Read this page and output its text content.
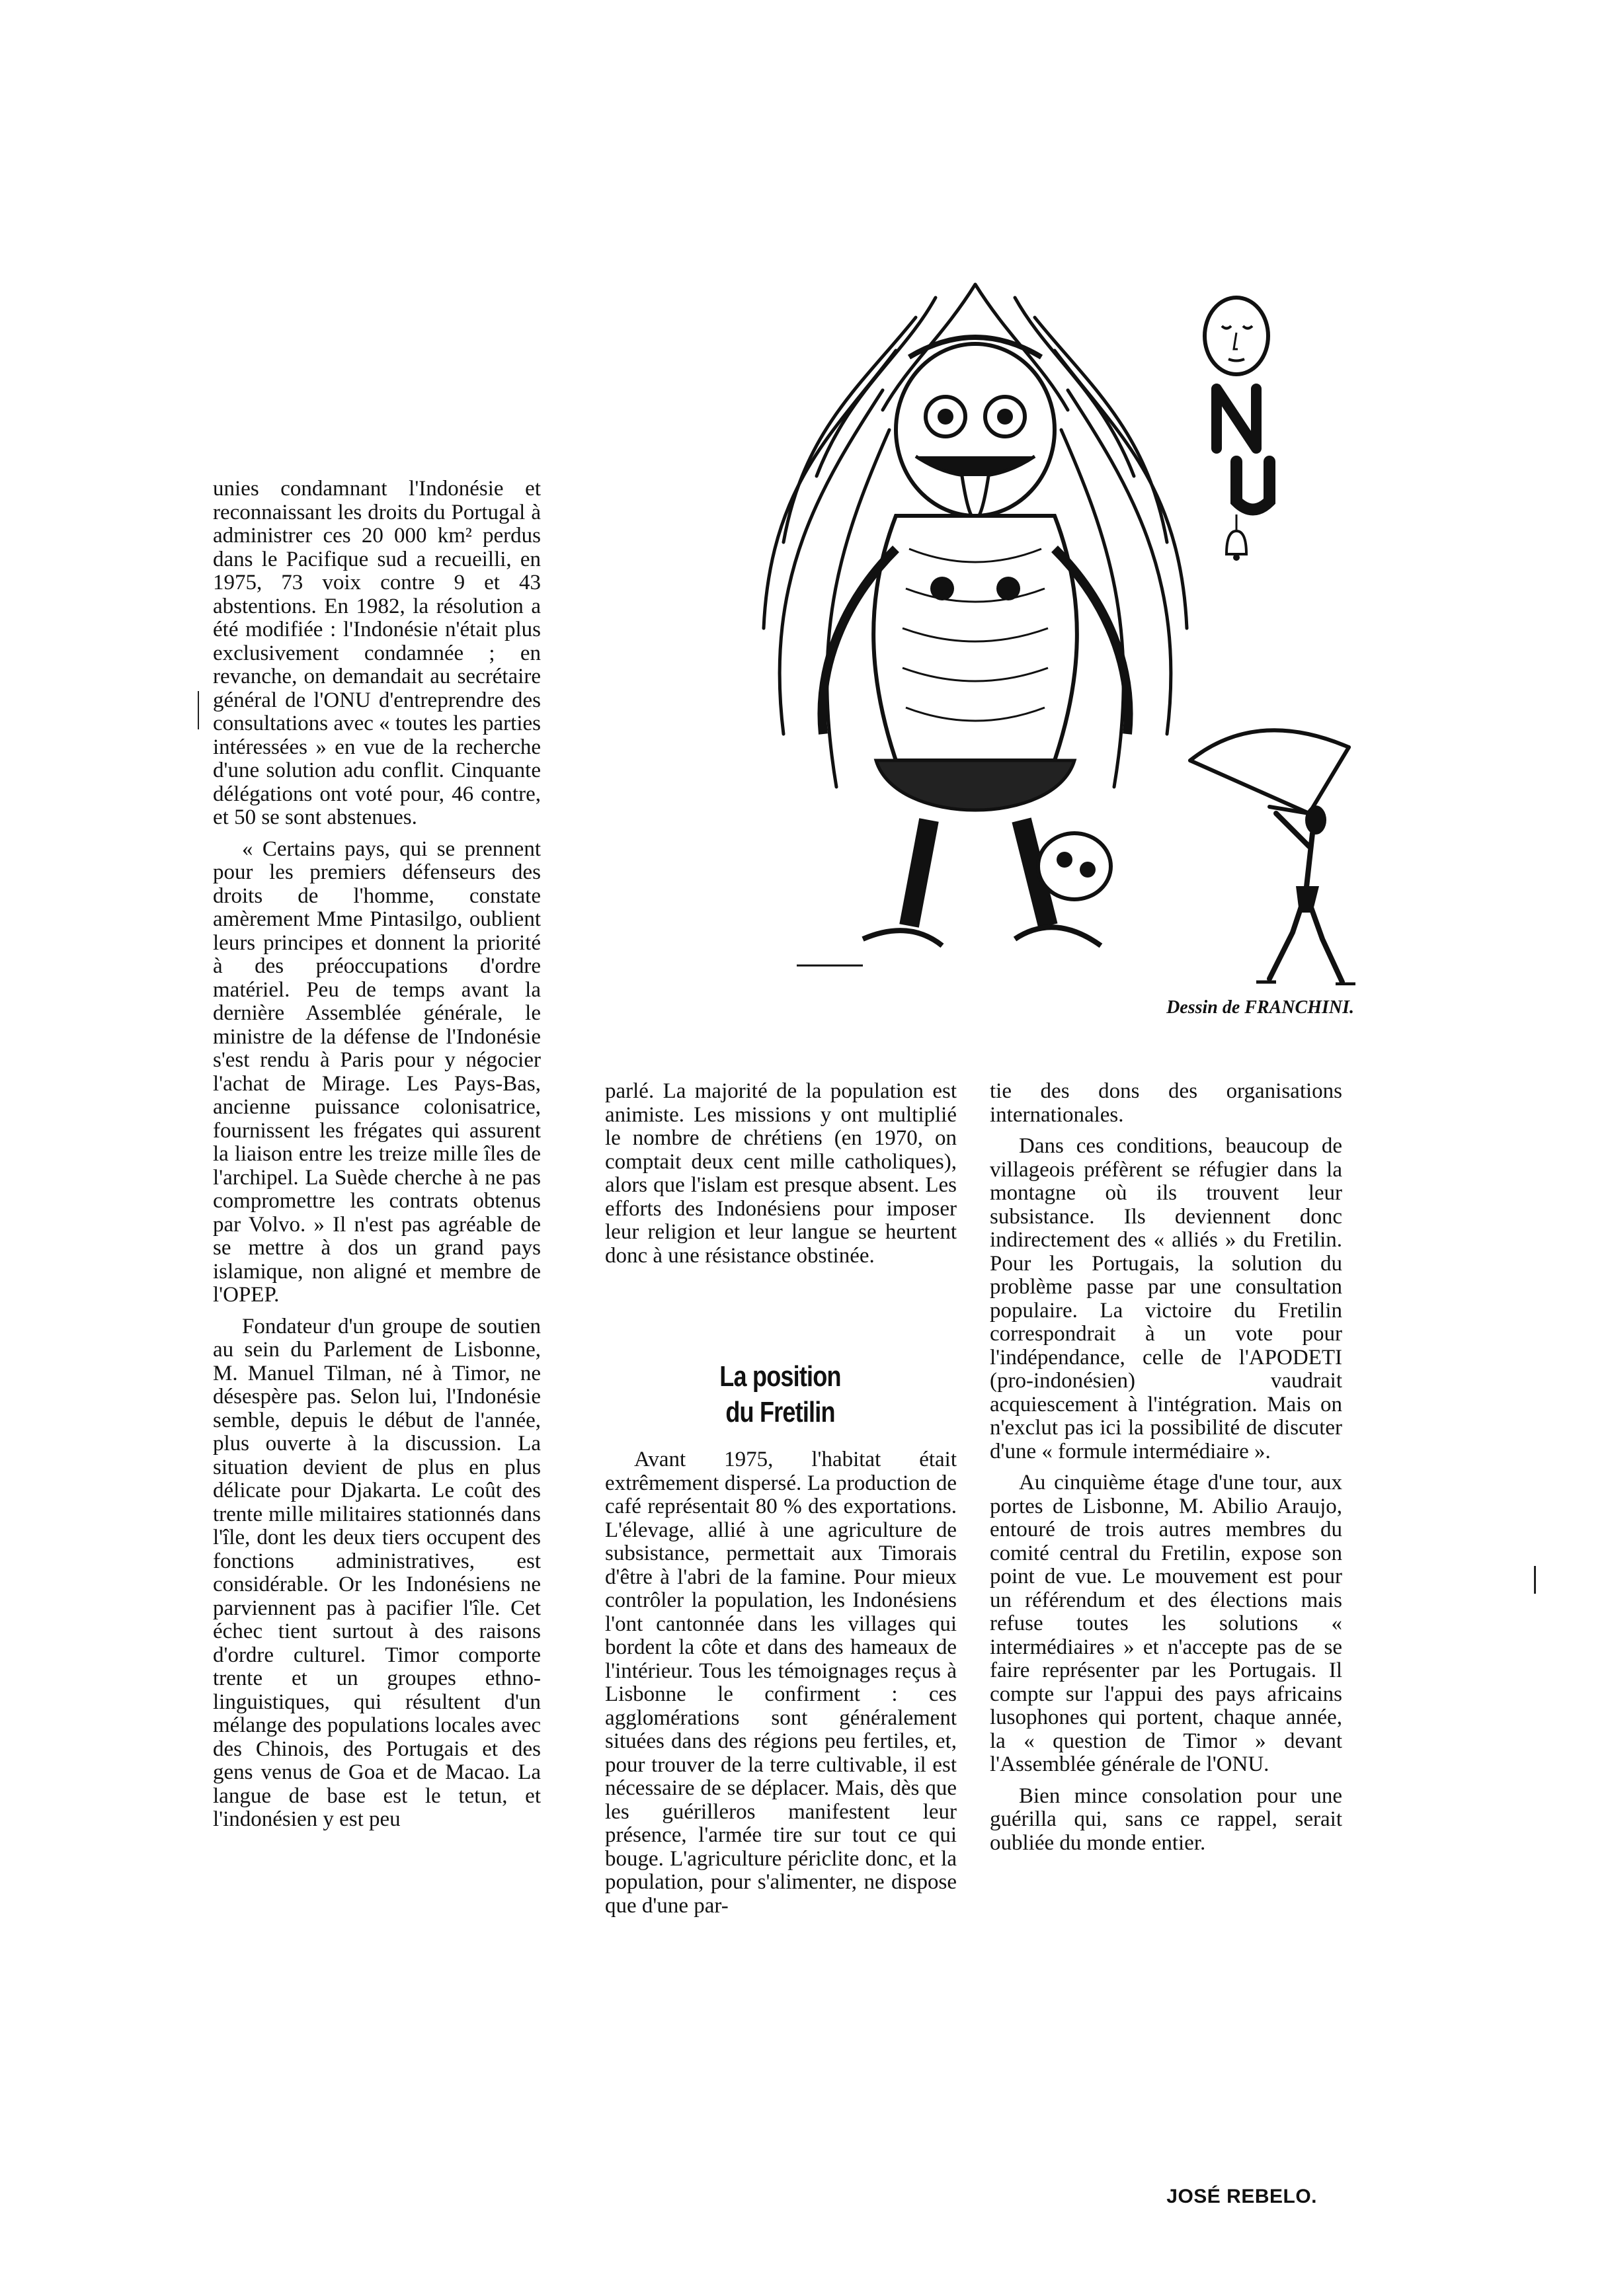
Dessin de FRANCHINI.

unies condamnant l'Indonésie et reconnaissant les droits du Portugal à administrer ces 20 000 km² perdus dans le Pacifique sud a recueilli, en 1975, 73 voix contre 9 et 43 abstentions. En 1982, la résolution a été modifiée : l'Indonésie n'était plus exclusivement condamnée ; en revanche, on demandait au secrétaire général de l'ONU d'entreprendre des consultations avec « toutes les parties intéressées » en vue de la recherche d'une solution adu conflit. Cinquante délégations ont voté pour, 46 contre, et 50 se sont abstenues.

« Certains pays, qui se prennent pour les premiers défenseurs des droits de l'homme, constate amèrement Mme Pintasilgo, oublient leurs principes et donnent la priorité à des préoccupations d'ordre matériel. Peu de temps avant la dernière Assemblée générale, le ministre de la défense de l'Indonésie s'est rendu à Paris pour y négocier l'achat de Mirage. Les Pays-Bas, ancienne puissance colonisatrice, fournissent les frégates qui assurent la liaison entre les treize mille îles de l'archipel. La Suède cherche à ne pas compromettre les contrats obtenus par Volvo. » Il n'est pas agréable de se mettre à dos un grand pays islamique, non aligné et membre de l'OPEP.

Fondateur d'un groupe de soutien au sein du Parlement de Lisbonne, M. Manuel Tilman, né à Timor, ne désespère pas. Selon lui, l'Indonésie semble, depuis le début de l'année, plus ouverte à la discussion. La situation devient de plus en plus délicate pour Djakarta. Le coût des trente mille militaires stationnés dans l'île, dont les deux tiers occupent des fonctions administratives, est considérable. Or les Indonésiens ne parviennent pas à pacifier l'île. Cet échec tient surtout à des raisons d'ordre culturel. Timor comporte trente et un groupes ethno-linguistiques, qui résultent d'un mélange des populations locales avec des Chinois, des Portugais et des gens venus de Goa et de Macao. La langue de base est le tetun, et l'indonésien y est peu

parlé. La majorité de la population est animiste. Les missions y ont multiplié le nombre de chrétiens (en 1970, on comptait deux cent mille catholiques), alors que l'islam est presque absent. Les efforts des Indonésiens pour imposer leur religion et leur langue se heurtent donc à une résistance obstinée.

La position
du Fretilin

Avant 1975, l'habitat était extrêmement dispersé. La production de café représentait 80 % des exportations. L'élevage, allié à une agriculture de subsistance, permettait aux Timorais d'être à l'abri de la famine. Pour mieux contrôler la population, les Indonésiens l'ont cantonnée dans les villages qui bordent la côte et dans des hameaux de l'intérieur. Tous les témoignages reçus à Lisbonne le confirment : ces agglomérations sont généralement situées dans des régions peu fertiles, et, pour trouver de la terre cultivable, il est nécessaire de se déplacer. Mais, dès que les guérilleros manifestent leur présence, l'armée tire sur tout ce qui bouge. L'agriculture périclite donc, et la population, pour s'alimenter, ne dispose que d'une par-

tie des dons des organisations internationales.

Dans ces conditions, beaucoup de villageois préfèrent se réfugier dans la montagne où ils trouvent leur subsistance. Ils deviennent donc indirectement des « alliés » du Fretilin. Pour les Portugais, la solution du problème passe par une consultation populaire. La victoire du Fretilin correspondrait à un vote pour l'indépendance, celle de l'APODETI (pro-indonésien) vaudrait acquiescement à l'intégration. Mais on n'exclut pas ici la possibilité de discuter d'une « formule intermédiaire ».

Au cinquième étage d'une tour, aux portes de Lisbonne, M. Abilio Araujo, entouré de trois autres membres du comité central du Fretilin, expose son point de vue. Le mouvement est pour un référendum et des élections mais refuse toutes les solutions « intermédiaires » et n'accepte pas de se faire représenter par les Portugais. Il compte sur l'appui des pays africains lusophones qui portent, chaque année, la « question de Timor » devant l'Assemblée générale de l'ONU.

Bien mince consolation pour une guérilla qui, sans ce rappel, serait oubliée du monde entier.

JOSÉ REBELO.
